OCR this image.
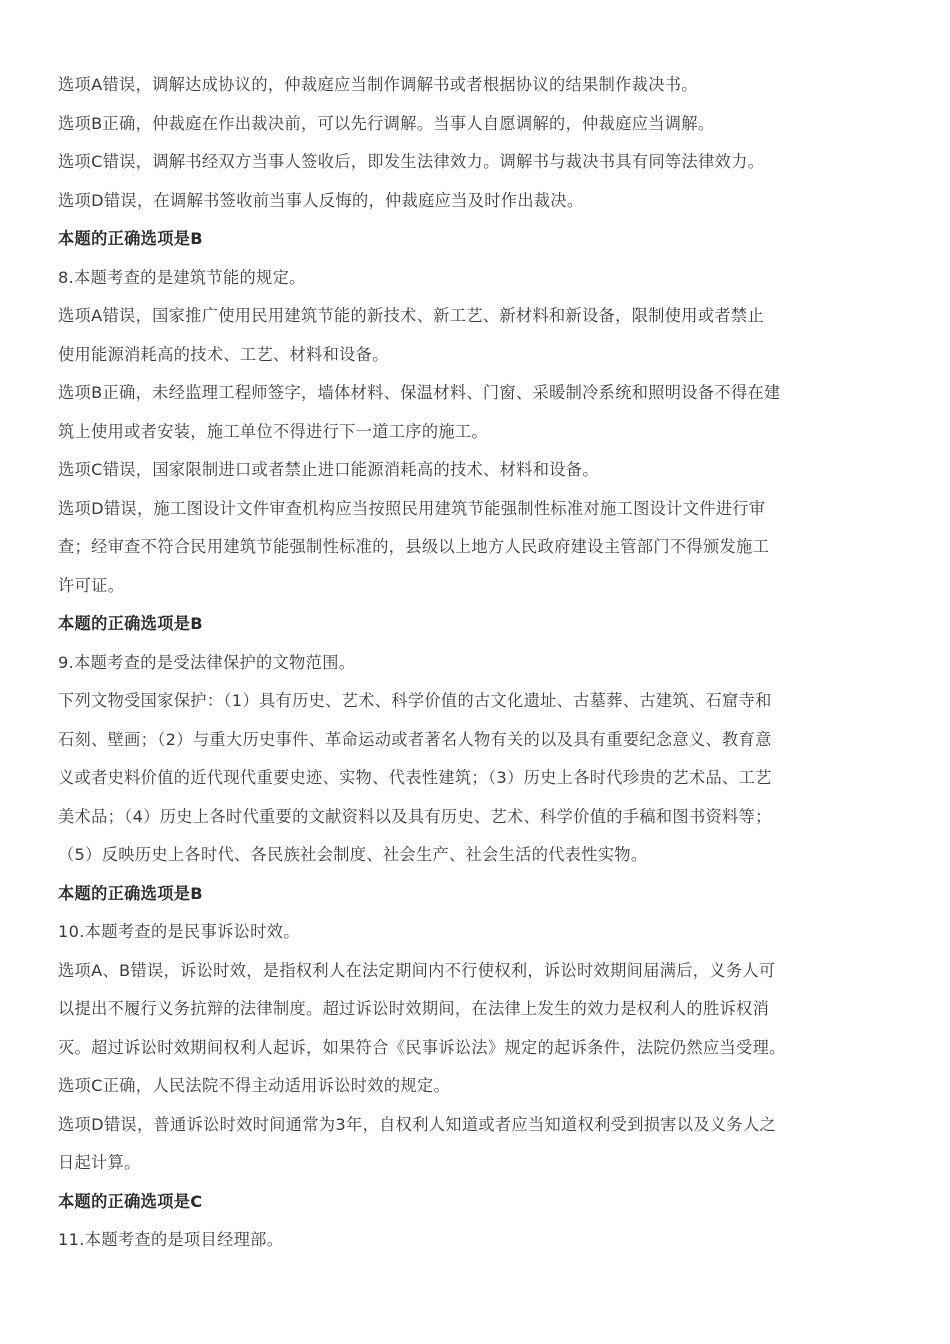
选项A错误，调解达成协议的，仲裁庭应当制作调解书或者根据协议的结果制作裁决书。
选项B正确，仲裁庭在作出裁决前，可以先行调解。当事人自愿调解的，仲裁庭应当调解。
选项C错误，调解书经双方当事人签收后，即发生法律效力。调解书与裁决书具有同等法律效力。
选项D错误，在调解书签收前当事人反悔的，仲裁庭应当及时作出裁决。
本题的正确选项是B
8.本题考查的是建筑节能的规定。
选项A错误，国家推广使用民用建筑节能的新技术、新工艺、新材料和新设备，限制使用或者禁止
使用能源消耗高的技术、工艺、材料和设备。
选项B正确，未经监理工程师签字，墙体材料、保温材料、门窗、采暖制冷系统和照明设备不得在建
筑上使用或者安装，施工单位不得进行下一道工序的施工。
选项C错误，国家限制进口或者禁止进口能源消耗高的技术、材料和设备。
选项D错误，施工图设计文件审查机构应当按照民用建筑节能强制性标准对施工图设计文件进行审
查；经审查不符合民用建筑节能强制性标准的，县级以上地方人民政府建设主管部门不得颁发施工
许可证。
本题的正确选项是B
9.本题考查的是受法律保护的文物范围。
下列文物受国家保护：（1）具有历史、艺术、科学价值的古文化遗址、古墓葬、古建筑、石窟寺和
石刻、壁画；（2）与重大历史事件、革命运动或者著名人物有关的以及具有重要纪念意义、教育意
义或者史料价值的近代现代重要史迹、实物、代表性建筑；（3）历史上各时代珍贵的艺术品、工艺
美术品；（4）历史上各时代重要的文献资料以及具有历史、艺术、科学价值的手稿和图书资料等；
（5）反映历史上各时代、各民族社会制度、社会生产、社会生活的代表性实物。
本题的正确选项是B
10.本题考查的是民事诉讼时效。
选项A、B错误，诉讼时效，是指权利人在法定期间内不行使权利，诉讼时效期间届满后，义务人可
以提出不履行义务抗辩的法律制度。超过诉讼时效期间，在法律上发生的效力是权利人的胜诉权消
灭。超过诉讼时效期间权利人起诉，如果符合《民事诉讼法》规定的起诉条件，法院仍然应当受理。
选项C正确，人民法院不得主动适用诉讼时效的规定。
选项D错误，普通诉讼时效时间通常为3年，自权利人知道或者应当知道权利受到损害以及义务人之
日起计算。
本题的正确选项是C
11.本题考查的是项目经理部。
